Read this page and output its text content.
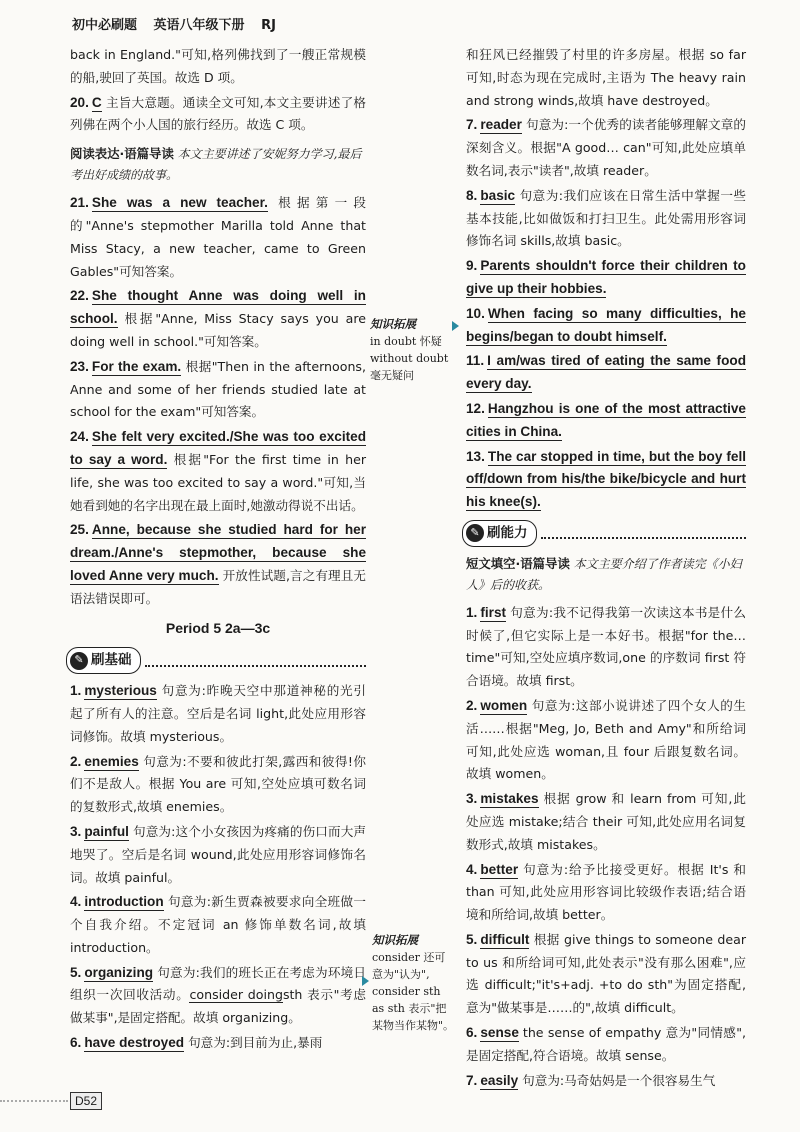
初中必刷题 英语八年级下册 RJ

back in England."可知,格列佛找到了一艘正常规模的船,驶回了英国。故选 D 项。

20. C 主旨大意题。通读全文可知,本文主要讲述了格列佛在两个小人国的旅行经历。故选 C 项。

阅读表达·语篇导读 本文主要讲述了安妮努力学习,最后考出好成绩的故事。

21. She was a new teacher. 根据第一段的"Anne's stepmother Marilla told Anne that Miss Stacy, a new teacher, came to Green Gables"可知答案。

22. She thought Anne was doing well in school. 根据"Anne, Miss Stacy says you are doing well in school."可知答案。

23. For the exam. 根据"Then in the afternoons, Anne and some of her friends studied late at school for the exam"可知答案。

24. She felt very excited./She was too excited to say a word. 根据"For the first time in her life, she was too excited to say a word."可知,当她看到她的名字出现在最上面时,她激动得说不出话。

25. Anne, because she studied hard for her dream./Anne's stepmother, because she loved Anne very much. 开放性试题,言之有理且无语法错误即可。

Period 5 2a—3c
✎ 刷基础

1. mysterious 句意为:昨晚天空中那道神秘的光引起了所有人的注意。空后是名词 light,此处应用形容词修饰。故填 mysterious。

2. enemies 句意为:不要和彼此打架,露西和彼得!你们不是敌人。根据 You are 可知,空处应填可数名词的复数形式,故填 enemies。

3. painful 句意为:这个小女孩因为疼痛的伤口而大声地哭了。空后是名词 wound,此处应用形容词修饰名词。故填 painful。

4. introduction 句意为:新生贾森被要求向全班做一个自我介绍。不定冠词 an 修饰单数名词,故填 introduction。

5. organizing 句意为:我们的班长正在考虑为环境日组织一次回收活动。consider doingsth 表示"考虑做某事",是固定搭配。故填 organizing。

6. have destroyed 句意为:到目前为止,暴雨

知识拓展
in doubt 怀疑 without doubt 毫无疑问
知识拓展
consider 还可意为"认为", consider sth as sth 表示"把某物当作某物"。

和狂风已经摧毁了村里的许多房屋。根据 so far 可知,时态为现在完成时,主语为 The heavy rain and strong winds,故填 have destroyed。

7. reader 句意为:一个优秀的读者能够理解文章的深刻含义。根据"A good… can"可知,此处应填单数名词,表示"读者",故填 reader。

8. basic 句意为:我们应该在日常生活中掌握一些基本技能,比如做饭和打扫卫生。此处需用形容词修饰名词 skills,故填 basic。

9. Parents shouldn't force their children to give up their hobbies.

10. When facing so many difficulties, he begins/began to doubt himself.

11. I am/was tired of eating the same food every day.

12. Hangzhou is one of the most attractive cities in China.

13. The car stopped in time, but the boy fell off/down from his/the bike/bicycle and hurt his knee(s).

✎ 刷能力
短文填空·语篇导读 本文主要介绍了作者读完《小妇人》后的收获。

1. first 句意为:我不记得我第一次读这本书是什么时候了,但它实际上是一本好书。根据"for the… time"可知,空处应填序数词,one 的序数词 first 符合语境。故填 first。

2. women 句意为:这部小说讲述了四个女人的生活……根据"Meg, Jo, Beth and Amy"和所给词可知,此处应选 woman,且 four 后跟复数名词。故填 women。

3. mistakes 根据 grow 和 learn from 可知,此处应选 mistake;结合 their 可知,此处应用名词复数形式,故填 mistakes。

4. better 句意为:给予比接受更好。根据 It's 和 than 可知,此处应用形容词比较级作表语;结合语境和所给词,故填 better。

5. difficult 根据 give things to someone dear to us 和所给词可知,此处表示"没有那么困难",应选 difficult;"it's+adj. +to do sth"为固定搭配,意为"做某事是……的",故填 difficult。

6. sense the sense of empathy 意为"同情感",是固定搭配,符合语境。故填 sense。

7. easily 句意为:马奇姑妈是一个很容易生气

D52
